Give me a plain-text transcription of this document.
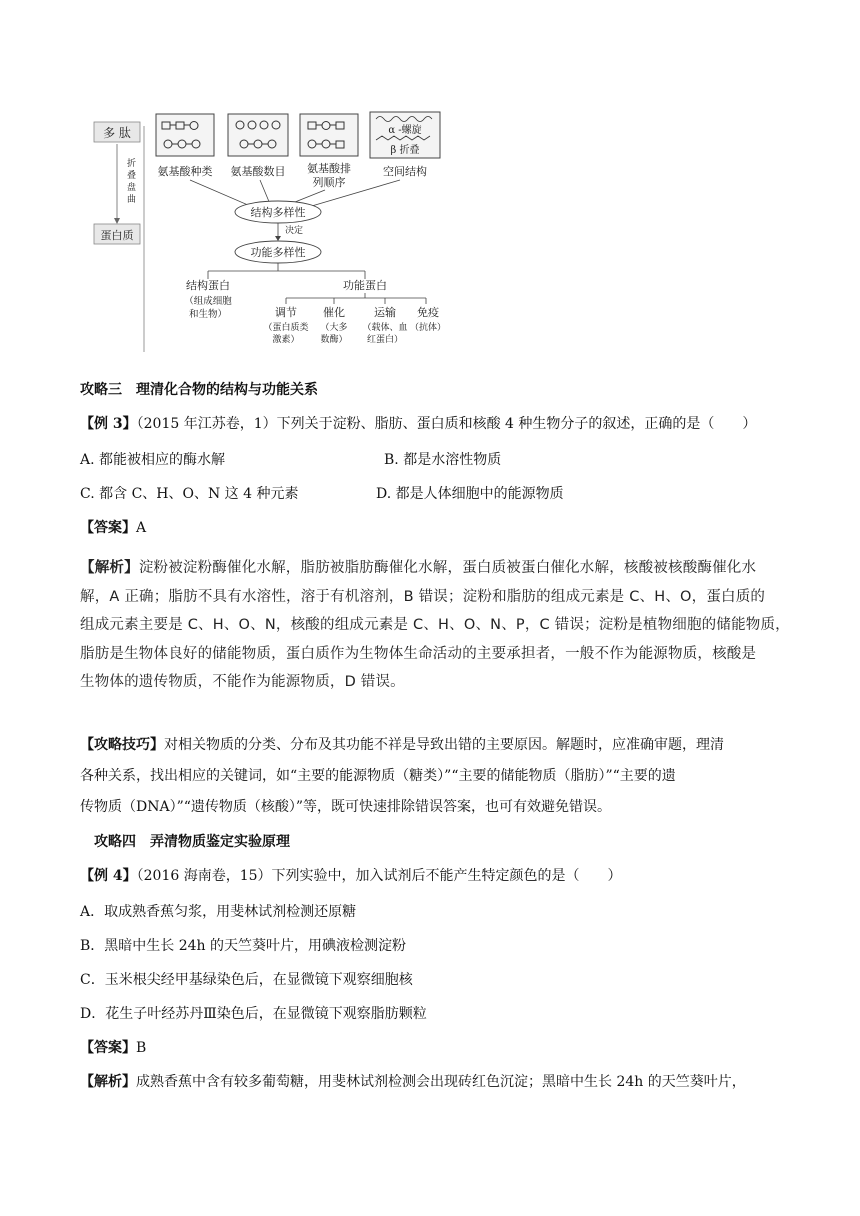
多 肽
折叠盘曲
蛋白质
α -螺旋
β 折叠
氨基酸种类 氨基酸数目 氨基酸排
列顺序
空间结构
结构多样性
决定
功能多样性
结构蛋白
（组成细胞
和生物）
功能蛋白
调节
（蛋白质类
激素）
催化
（大多
数酶）
运输
（载体、血
红蛋白）
免疫
（抗体）
攻略三　理清化合物的结构与功能关系
【例 3】（2015 年江苏卷，1）下列关于淀粉、脂肪、蛋白质和核酸 4 种生物分子的叙述，正确的是（　　）
A. 都能被相应的酶水解	B. 都是水溶性物质
C. 都含 C、H、O、N 这 4 种元素	D. 都是人体细胞中的能源物质
【答案】A
【解析】淀粉被淀粉酶催化水解，脂肪被脂肪酶催化水解，蛋白质被蛋白催化水解，核酸被核酸酶催化水
解，A 正确；脂肪不具有水溶性，溶于有机溶剂，B 错误；淀粉和脂肪的组成元素是 C、H、O，蛋白质的
组成元素主要是 C、H、O、N，核酸的组成元素是 C、H、O、N、P，C 错误；淀粉是植物细胞的储能物质，
脂肪是生物体良好的储能物质，蛋白质作为生物体生命活动的主要承担者，一般不作为能源物质，核酸是
生物体的遗传物质，不能作为能源物质，D 错误。
【攻略技巧】对相关物质的分类、分布及其功能不祥是导致出错的主要原因。解题时，应准确审题，理清
各种关系，找出相应的关键词，如“主要的能源物质（糖类）”“主要的储能物质（脂肪）”“主要的遗
传物质（DNA）”“遗传物质（核酸）”等，既可快速排除错误答案，也可有效避免错误。
攻略四　弄清物质鉴定实验原理
【例 4】（2016 海南卷，15）下列实验中，加入试剂后不能产生特定颜色的是（　　）
A．取成熟香蕉匀浆，用斐林试剂检测还原糖
B．黑暗中生长 24h 的天竺葵叶片，用碘液检测淀粉
C．玉米根尖经甲基绿染色后，在显微镜下观察细胞核
D．花生子叶经苏丹Ⅲ染色后，在显微镜下观察脂肪颗粒
【答案】B
【解析】成熟香蕉中含有较多葡萄糖，用斐林试剂检测会出现砖红色沉淀；黑暗中生长 24h 的天竺葵叶片，
